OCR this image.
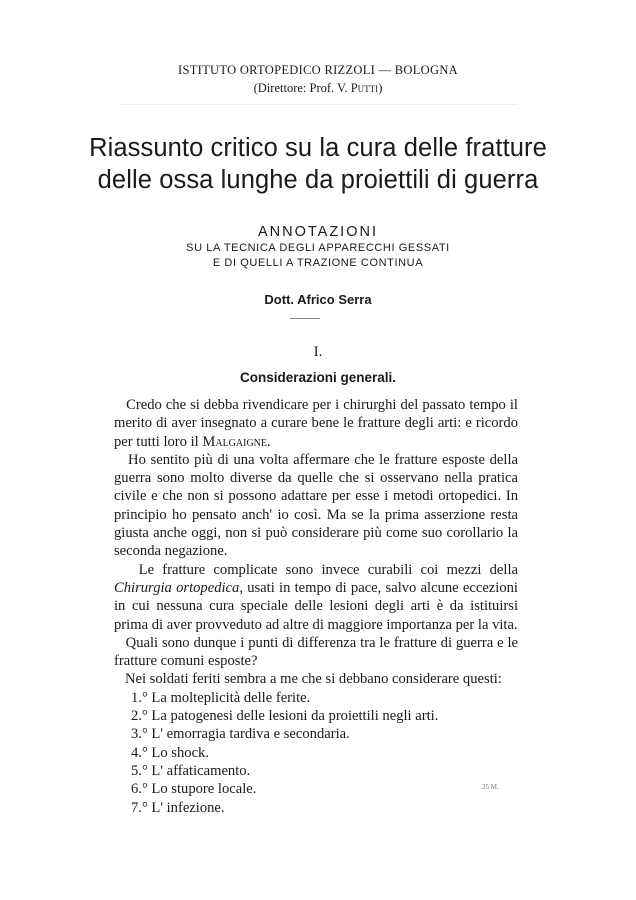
ISTITUTO ORTOPEDICO RIZZOLI — BOLOGNA
(Direttore: Prof. V. Putti)
Riassunto critico su la cura delle fratture
delle ossa lunghe da proiettili di guerra
ANNOTAZIONI
SU LA TECNICA DEGLI APPARECCHI GESSATI
E DI QUELLI A TRAZIONE CONTINUA
Dott. Africo Serra
I.
Considerazioni generali.

Credo che si debba rivendicare per i chirurghi del passato tempo il merito di aver insegnato a curare bene le fratture degli arti: e ricordo per tutti loro il Malgaigne.

Ho sentito più di una volta affermare che le fratture esposte della guerra sono molto diverse da quelle che si osservano nella pratica civile e che non si possono adattare per esse i metodi ortopedici. In principio ho pensato anch' io così. Ma se la prima asserzione resta giusta anche oggi, non si può considerare più come suo corollario la seconda negazione.

Le fratture complicate sono invece curabili coi mezzi della Chirurgia ortopedica, usati in tempo di pace, salvo alcune eccezioni in cui nessuna cura speciale delle lesioni degli arti è da istituirsi prima di aver provveduto ad altre di maggiore importanza per la vita.

Quali sono dunque i punti di differenza tra le fratture di guerra e le fratture comuni esposte?

Nei soldati feriti sembra a me che si debbano considerare questi:

1.° La molteplicità delle ferite.
2.° La patogenesi delle lesioni da proiettili negli arti.
3.° L' emorragia tardiva e secondaria.
4.° Lo shock.
5.° L' affaticamento.
6.° Lo stupore locale.
7.° L' infezione.
25 M.
